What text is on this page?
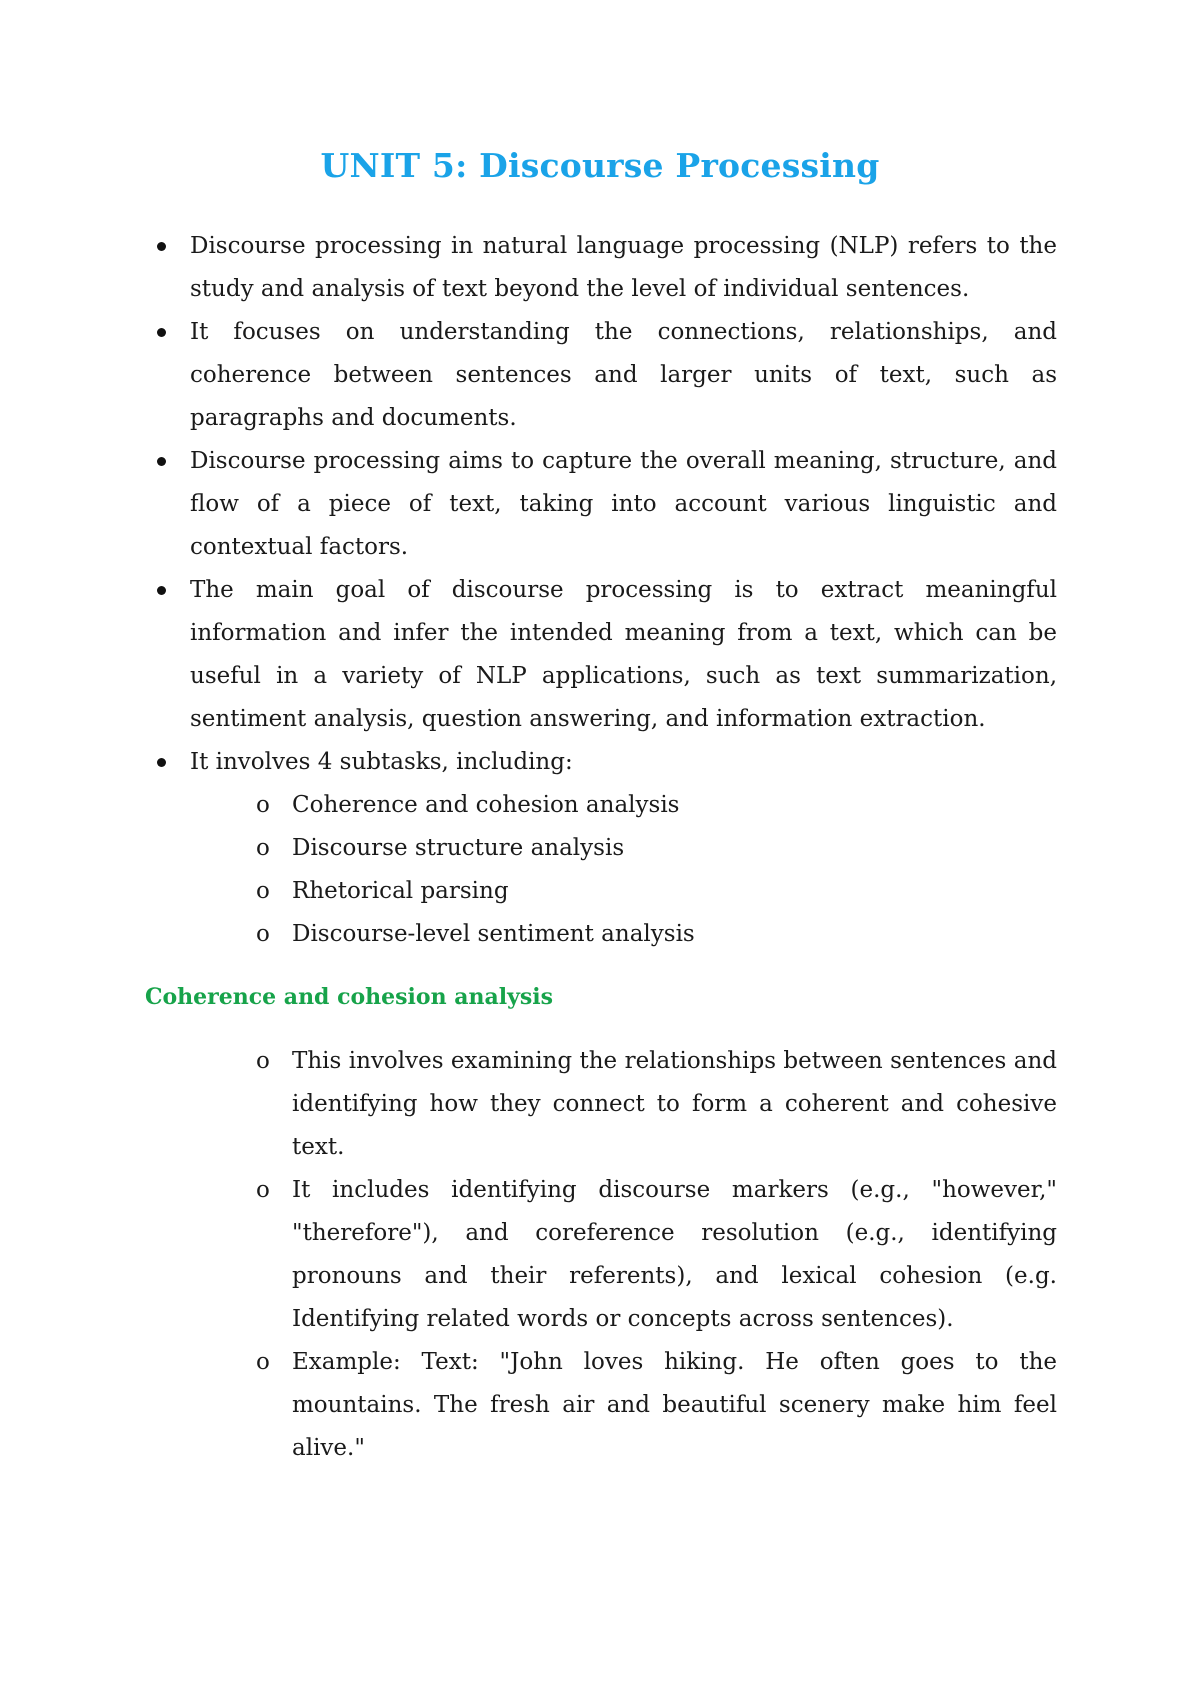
UNIT 5: Discourse Processing
Discourse processing in natural language processing (NLP) refers to the study and analysis of text beyond the level of individual sentences.
It focuses on understanding the connections, relationships, and coherence between sentences and larger units of text, such as paragraphs and documents.
Discourse processing aims to capture the overall meaning, structure, and flow of a piece of text, taking into account various linguistic and contextual factors.
The main goal of discourse processing is to extract meaningful information and infer the intended meaning from a text, which can be useful in a variety of NLP applications, such as text summarization, sentiment analysis, question answering, and information extraction.
It involves 4 subtasks, including:
o Coherence and cohesion analysis
o Discourse structure analysis
o Rhetorical parsing
o Discourse-level sentiment analysis
Coherence and cohesion analysis
o This involves examining the relationships between sentences and identifying how they connect to form a coherent and cohesive text.
o It includes identifying discourse markers (e.g., "however," "therefore"), and coreference resolution (e.g., identifying pronouns and their referents), and lexical cohesion (e.g. Identifying related words or concepts across sentences).
o Example: Text: "John loves hiking. He often goes to the mountains. The fresh air and beautiful scenery make him feel alive."
